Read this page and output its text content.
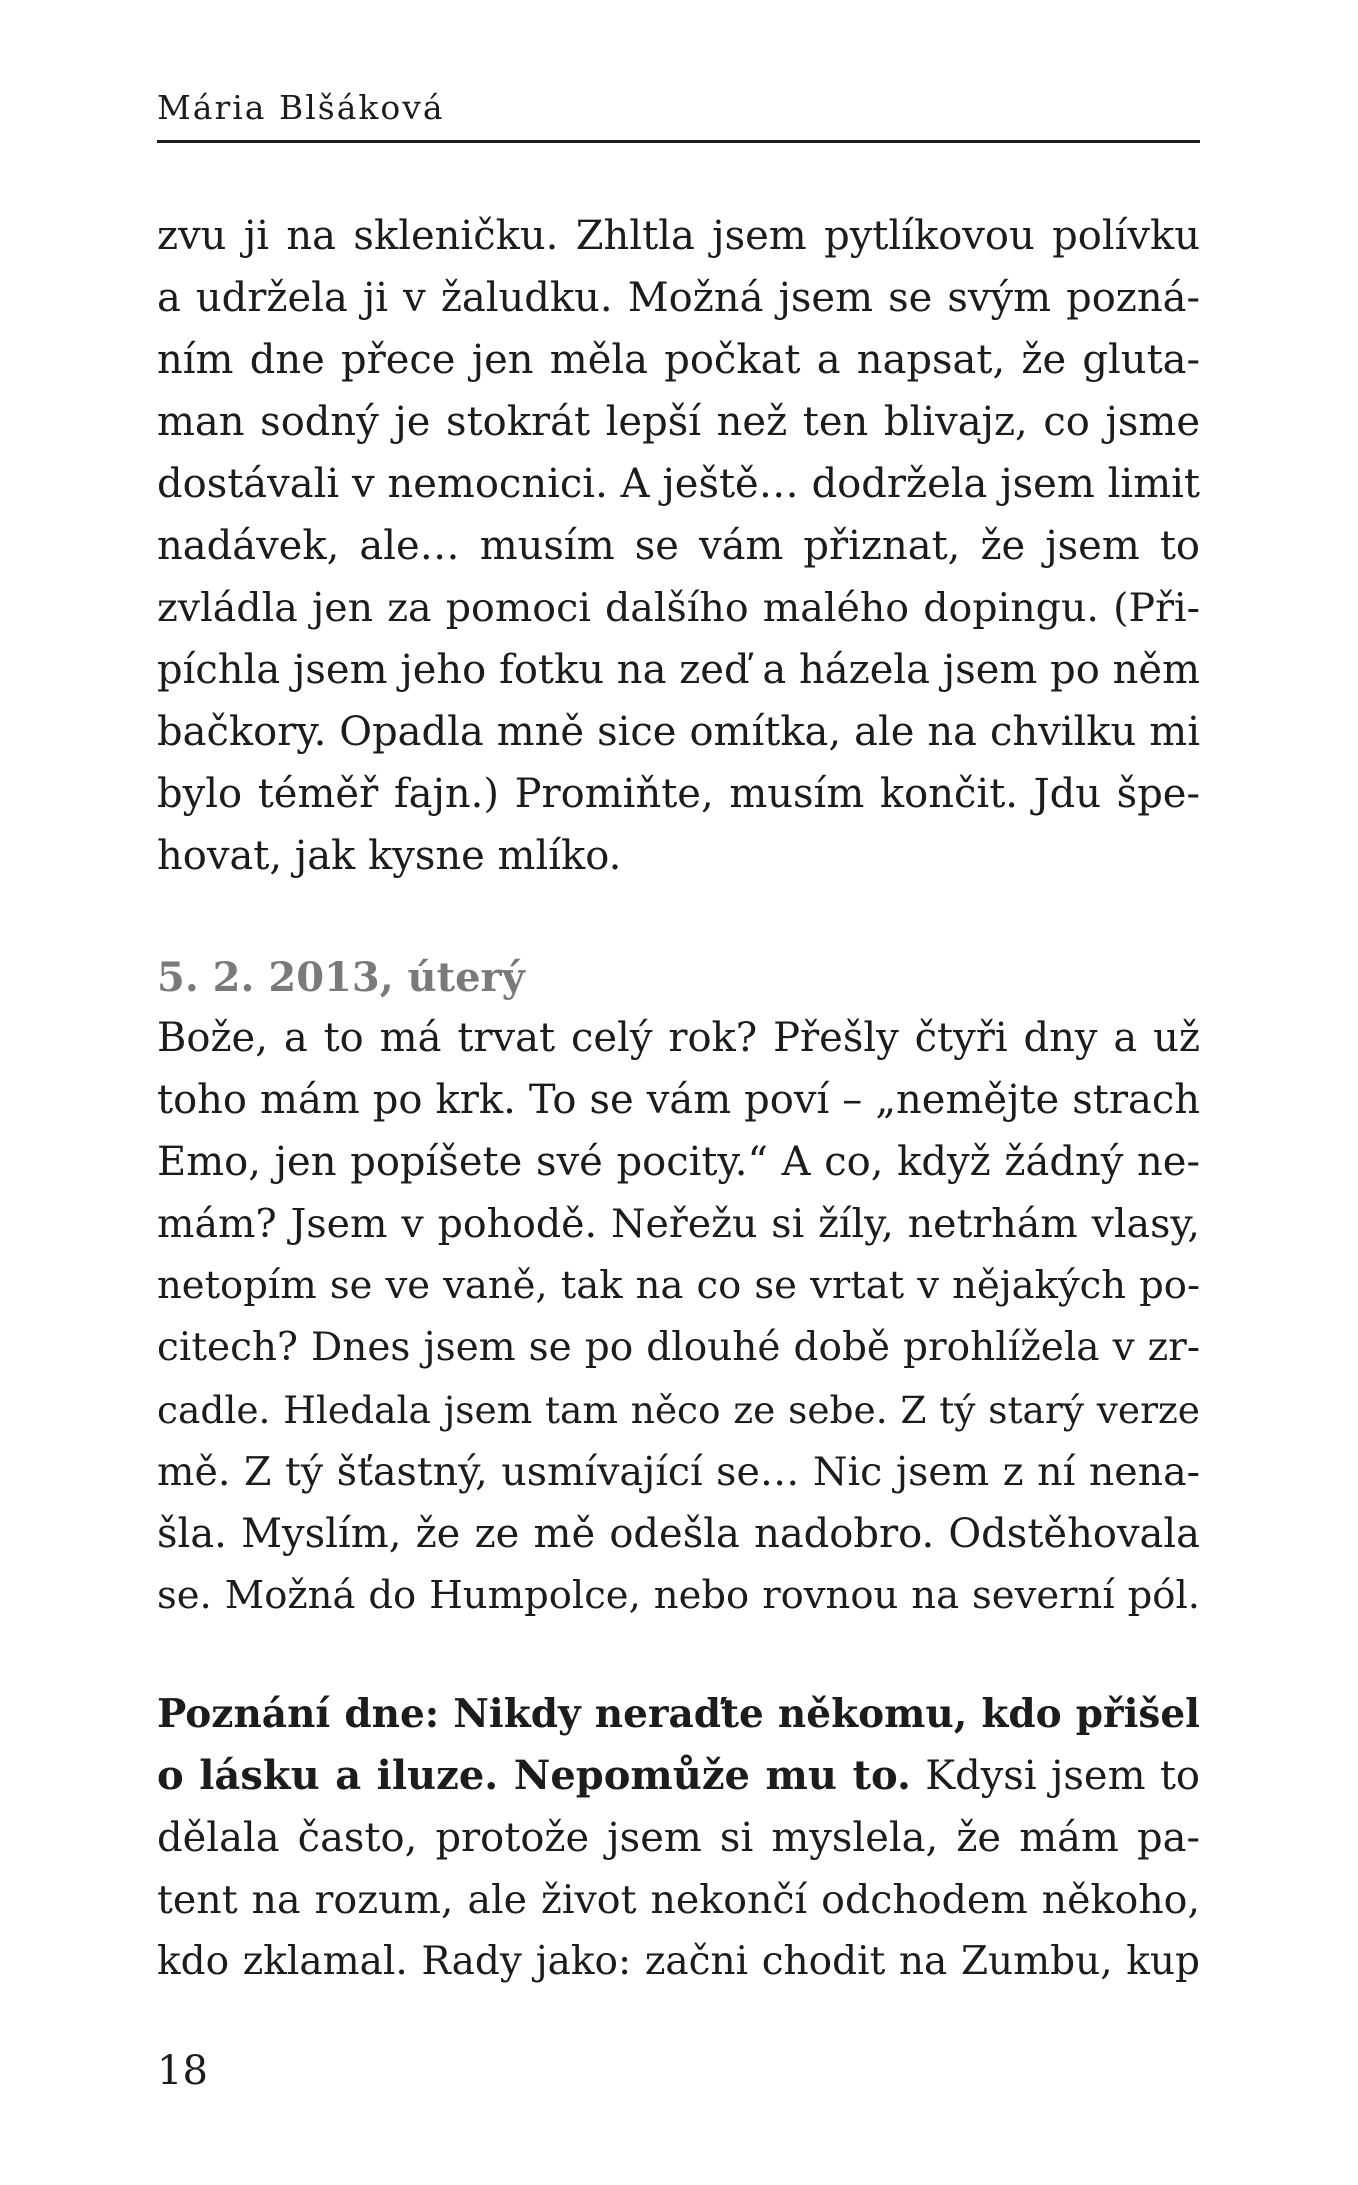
Mária Blšáková
zvu ji na skleničku. Zhltla jsem pytlíkovou polívku
a udržela ji v žaludku. Možná jsem se svým pozná-
ním dne přece jen měla počkat a napsat, že gluta-
man sodný je stokrát lepší než ten blivajz, co jsme
dostávali v nemocnici. A ještě… dodržela jsem limit
nadávek, ale… musím se vám přiznat, že jsem to
zvládla jen za pomoci dalšího malého dopingu. (Při-
píchla jsem jeho fotku na zeď a házela jsem po něm
bačkory. Opadla mně sice omítka, ale na chvilku mi
bylo téměř fajn.) Promiňte, musím končit. Jdu špe-
hovat, jak kysne mlíko.
5. 2. 2013, úterý
Bože, a to má trvat celý rok? Přešly čtyři dny a už
toho mám po krk. To se vám poví – „nemějte strach
Emo, jen popíšete své pocity.“ A co, když žádný ne-
mám? Jsem v pohodě. Neřežu si žíly, netrhám vlasy,
netopím se ve vaně, tak na co se vrtat v nějakých po-
citech? Dnes jsem se po dlouhé době prohlížela v zr-
cadle. Hledala jsem tam něco ze sebe. Z tý starý verze
mě. Z tý šťastný, usmívající se… Nic jsem z ní nena-
šla. Myslím, že ze mě odešla nadobro. Odstěhovala
se. Možná do Humpolce, nebo rovnou na severní pól.
Poznání dne: Nikdy neraďte někomu, kdo přišel
o lásku a iluze. Nepomůže mu to. Kdysi jsem to
dělala často, protože jsem si myslela, že mám pa-
tent na rozum, ale život nekončí odchodem někoho,
kdo zklamal. Rady jako: začni chodit na Zumbu, kup
18
